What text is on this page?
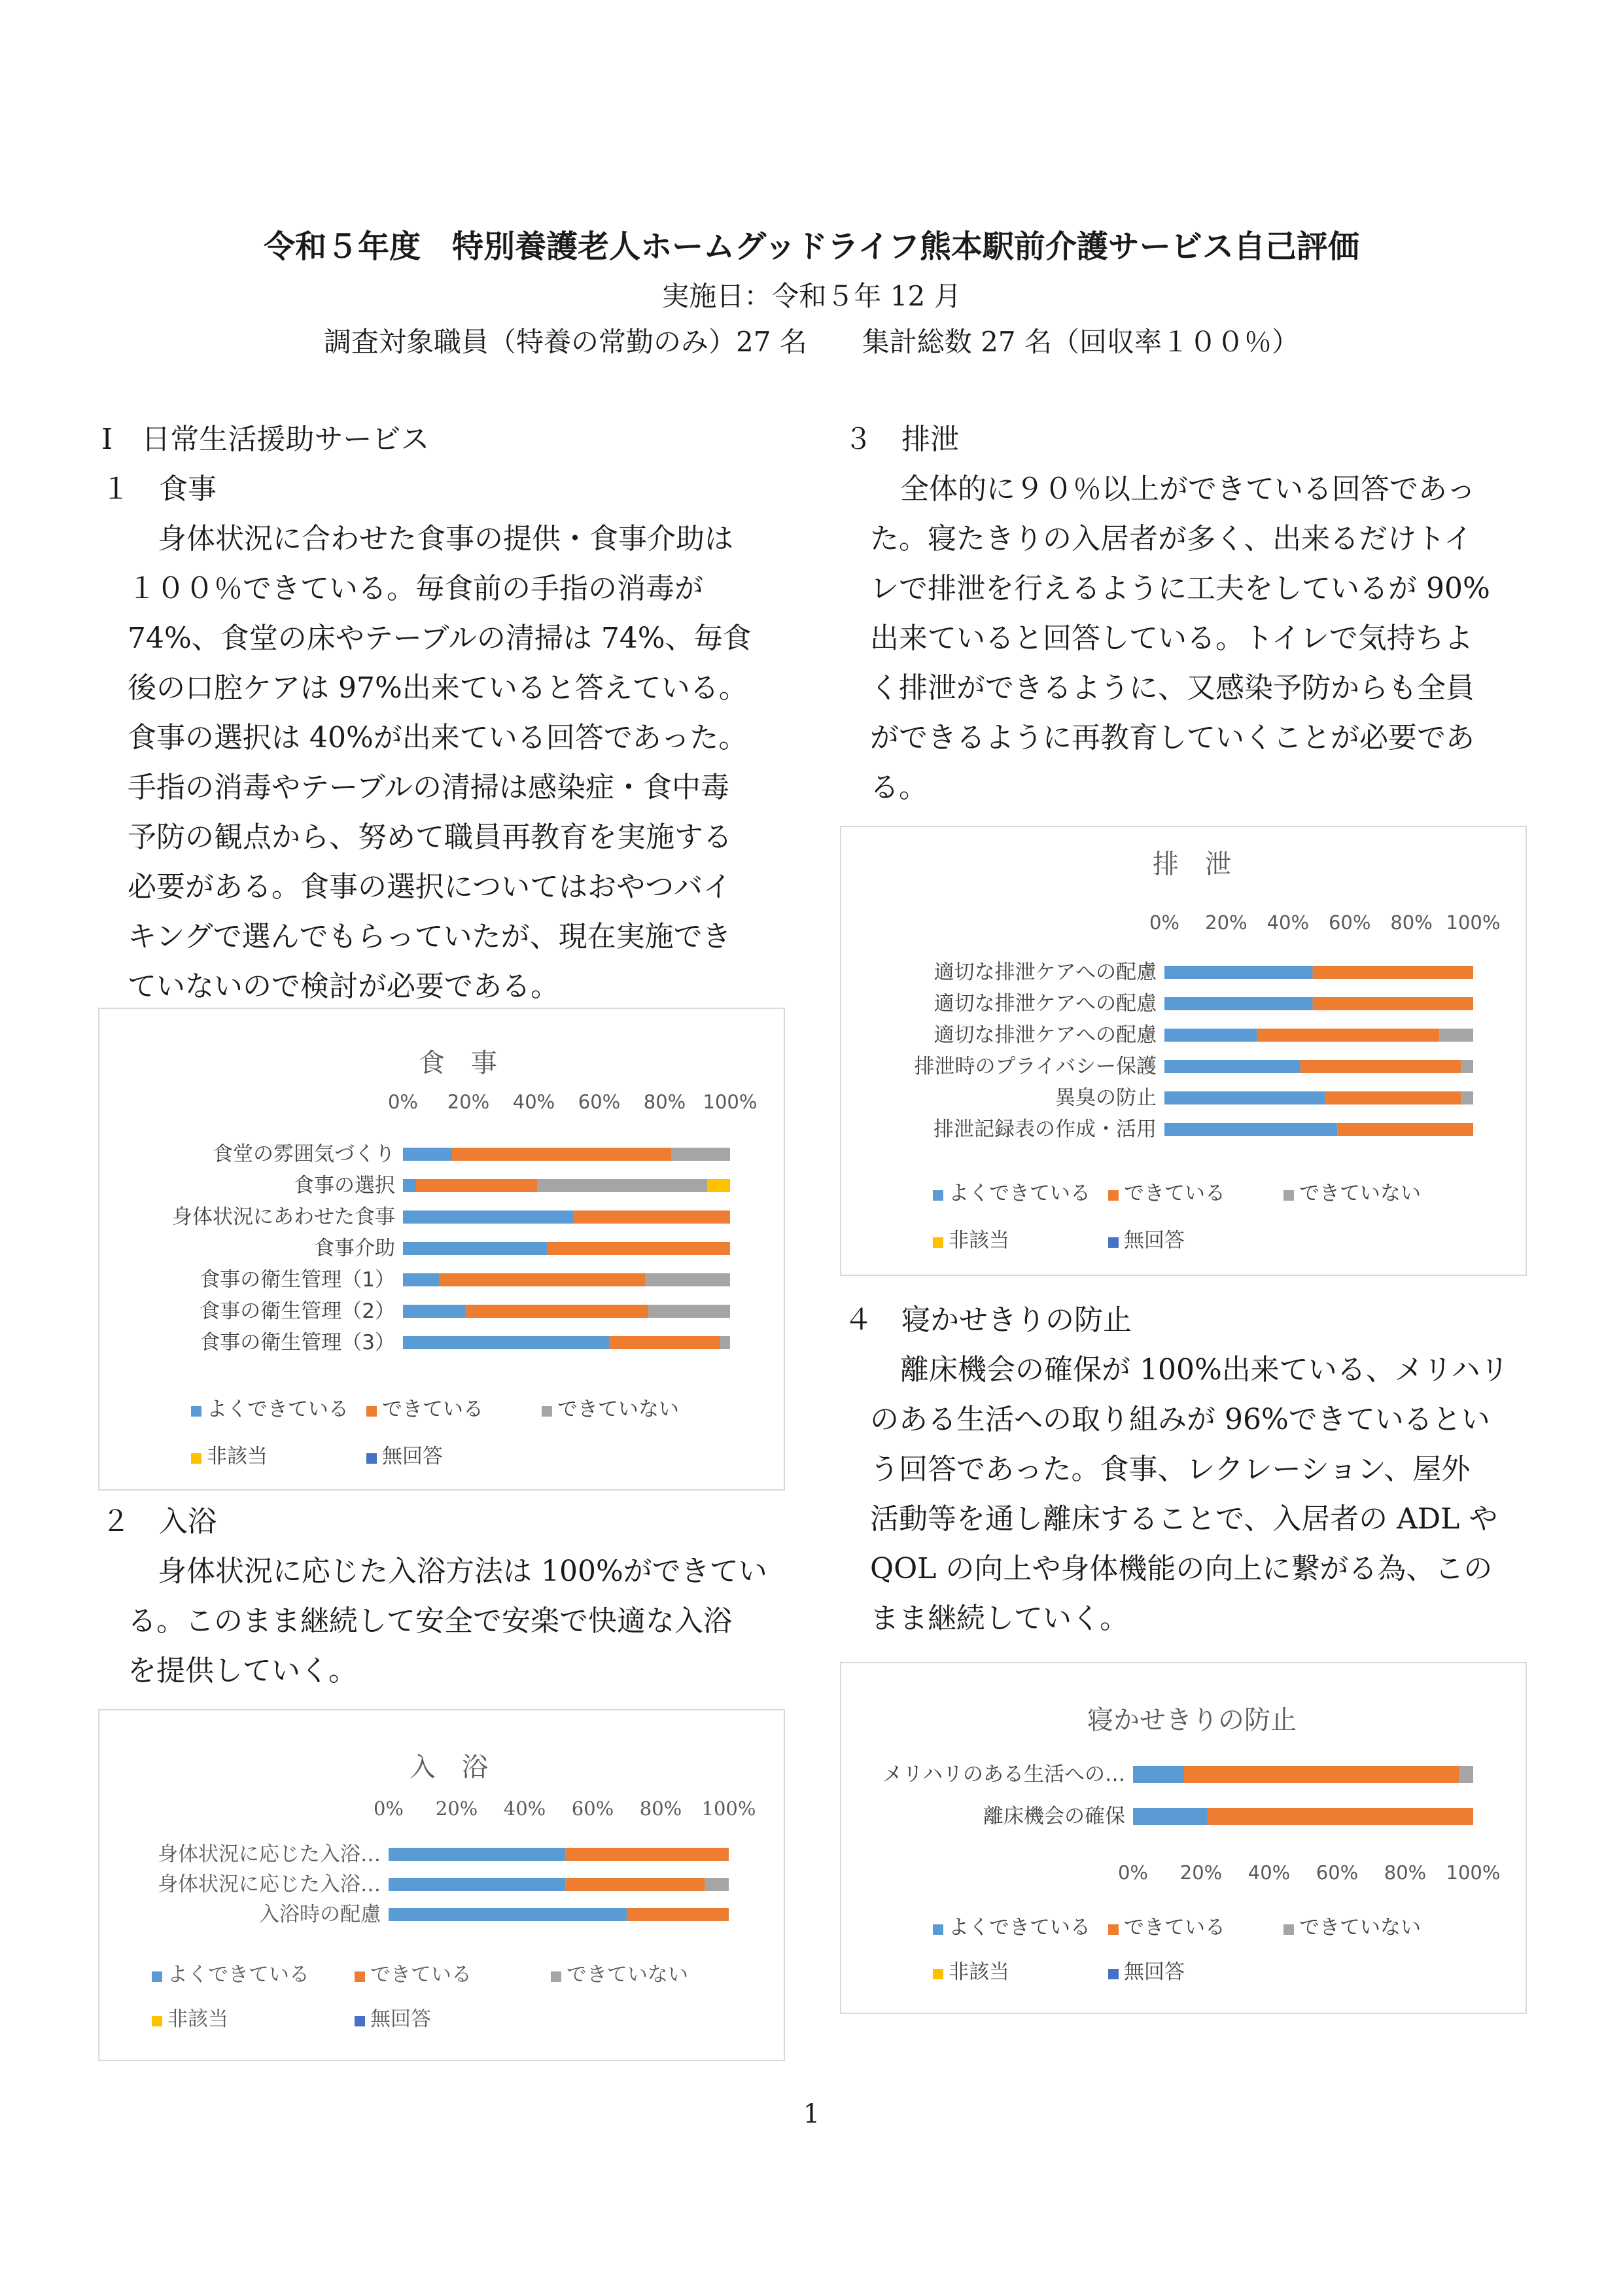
令和５年度　特別養護老人ホームグッドライフ熊本駅前介護サービス自己評価
実施日：令和５年 12 月
調査対象職員（特養の常勤のみ）27 名　　集計総数 27 名（回収率１００％）

Ⅰ　日常生活援助サービス

１　食事

身体状況に合わせた食事の提供・食事介助は
１００％できている。毎食前の手指の消毒が
74%、食堂の床やテーブルの清掃は 74%、毎食
後の口腔ケアは 97%出来ていると答えている。
食事の選択は 40%が出来ている回答であった。
手指の消毒やテーブルの清掃は感染症・食中毒
予防の観点から、努めて職員再教育を実施する
必要がある。食事の選択についてはおやつバイ
キングで選んでもらっていたが、現在実施でき
ていないので検討が必要である。

２　入浴

身体状況に応じた入浴方法は 100%ができてい
る。このまま継続して安全で安楽で快適な入浴
を提供していく。

３　排泄

全体的に９０％以上ができている回答であっ
た。寝たきりの入居者が多く、出来るだけトイ
レで排泄を行えるように工夫をしているが 90%
出来ていると回答している。トイレで気持ちよ
く排泄ができるように、又感染予防からも全員
ができるように再教育していくことが必要であ
る。

４　寝かせきりの防止

離床機会の確保が 100%出来ている、メリハリ
のある生活への取り組みが 96%できているとい
う回答であった。食事、レクレーション、屋外
活動等を通し離床することで、入居者の ADL や
QOL の向上や身体機能の向上に繋がる為、この
まま継続していく。
食　事
0% 20% 40% 60% 80% 100%
食堂の雰囲気づくり
食事の選択
身体状況にあわせた食事
食事介助
食事の衛生管理（1）
食事の衛生管理（2）
食事の衛生管理（3）
よくできている できている	できていない
非該当	無回答
入　浴
0% 20% 40% 60% 80% 100%
身体状況に応じた入浴…
身体状況に応じた入浴…
入浴時の配慮
よくできている	できている	できていない
非該当	無回答
排　泄
0% 20% 40% 60% 80% 100%
適切な排泄ケアへの配慮
適切な排泄ケアへの配慮
適切な排泄ケアへの配慮
排泄時のプライバシー保護
異臭の防止
排泄記録表の作成・活用
よくできている できている	できていない
非該当	無回答
寝かせきりの防止
メリハリのある生活への…
離床機会の確保
0% 20% 40% 60% 80% 100%
よくできている できている	できていない
非該当	無回答
1
